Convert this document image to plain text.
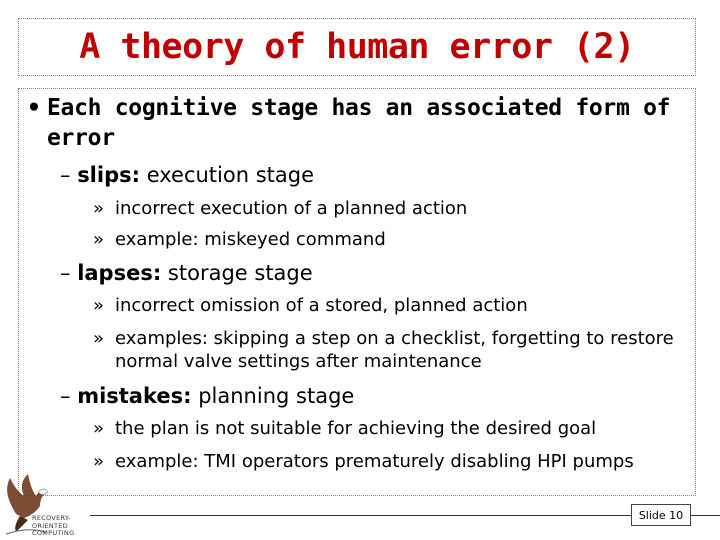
A theory of human error (2)
• Each cognitive stage has an associated form of error
– slips: execution stage
» incorrect execution of a planned action
» example: miskeyed command
– lapses: storage stage
» incorrect omission of a stored, planned action
» examples: skipping a step on a checklist, forgetting to restore normal valve settings after maintenance
– mistakes: planning stage
» the plan is not suitable for achieving the desired goal
» example: TMI operators prematurely disabling HPI pumps
Slide 10
RECOVERY-
ORIENTED
COMPUTING
